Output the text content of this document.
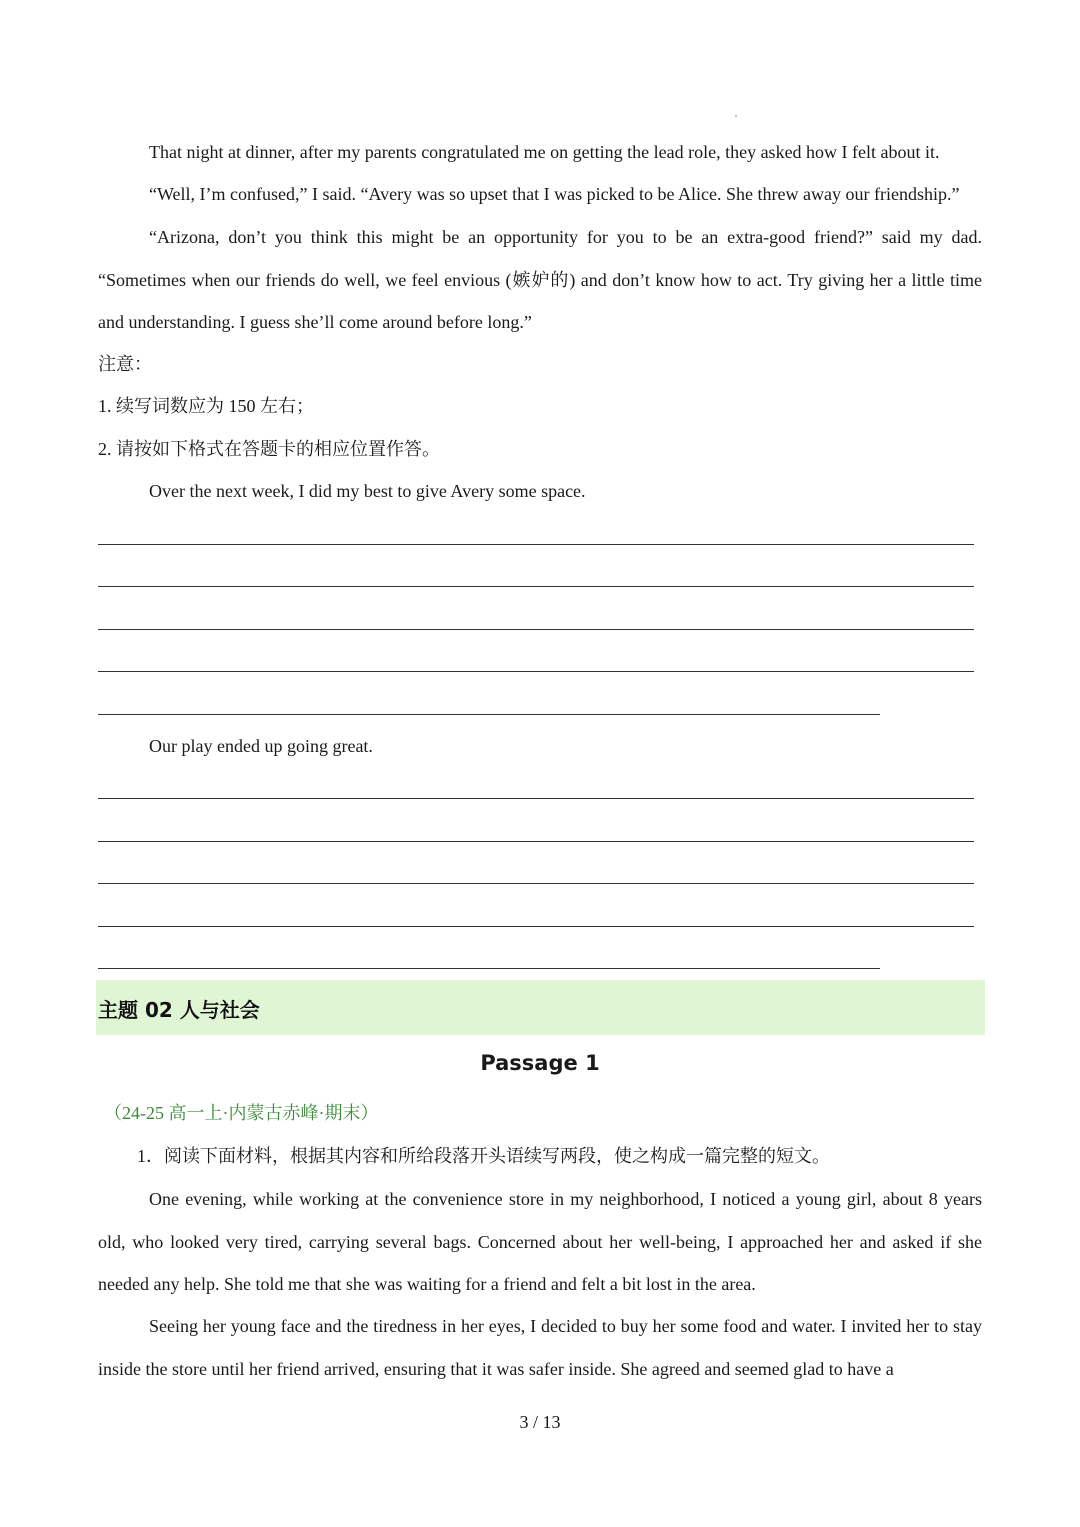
That night at dinner, after my parents congratulated me on getting the lead role, they asked how I felt about it.

“Well, I’m confused,” I said. “Avery was so upset that I was picked to be Alice. She threw away our friendship.”

“Arizona, don’t you think this might be an opportunity for you to be an extra-good friend?” said my dad. “Sometimes when our friends do well, we feel envious (嫉妒的) and don’t know how to act. Try giving her a little time and understanding. I guess she’ll come around before long.”

注意：

1. 续写词数应为 150 左右；

2. 请按如下格式在答题卡的相应位置作答。

Over the next week, I did my best to give Avery some space.

Our play ended up going great.

主题 02 人与社会
Passage 1
（24-25 高一上·内蒙古赤峰·期末）

1．阅读下面材料，根据其内容和所给段落开头语续写两段，使之构成一篇完整的短文。

One evening, while working at the convenience store in my neighborhood, I noticed a young girl, about 8 years old, who looked very tired, carrying several bags. Concerned about her well-being, I approached her and asked if she needed any help. She told me that she was waiting for a friend and felt a bit lost in the area.

Seeing her young face and the tiredness in her eyes, I decided to buy her some food and water. I invited her to stay inside the store until her friend arrived, ensuring that it was safer inside. She agreed and seemed glad to have a

3 / 13
